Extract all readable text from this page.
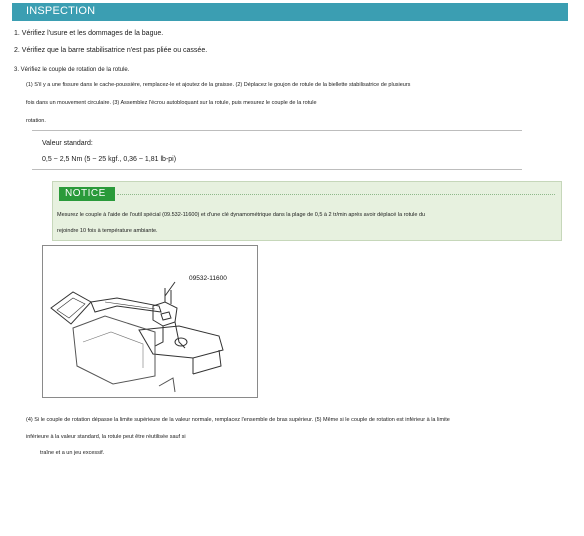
INSPECTION
1. Vérifiez l'usure et les dommages de la bague.
2. Vérifiez que la barre stabilisatrice n'est pas pliée ou cassée.
3. Vérifiez le couple de rotation de la rotule.
(1) S'il y a une fissure dans le cache-poussière, remplacez-le et ajoutez de la graisse. (2) Déplacez le goujon de rotule de la biellette stabilisatrice de plusieurs
fois dans un mouvement circulaire. (3) Assemblez l'écrou autobloquant sur la rotule, puis mesurez le couple de la rotule
rotation.
Valeur standard:
0,5 ~ 2,5 Nm (5 ~ 25 kgf., 0,36 ~ 1,81 lb-pi)
NOTICE
Mesurez le couple à l'aide de l'outil spécial (09.532-11600) et d'une clé dynamométrique dans la plage de 0,5 à 2 tr/min après avoir déplacé la rotule du
rejoindre 10 fois à température ambiante.
09532-11600
(4) Si le couple de rotation dépasse la limite supérieure de la valeur normale, remplacez l'ensemble de bras supérieur. (5) Même si le couple de rotation est inférieur à la limite
inférieure à la valeur standard, la rotule peut être réutilisée sauf si
traîne et a un jeu excessif.
